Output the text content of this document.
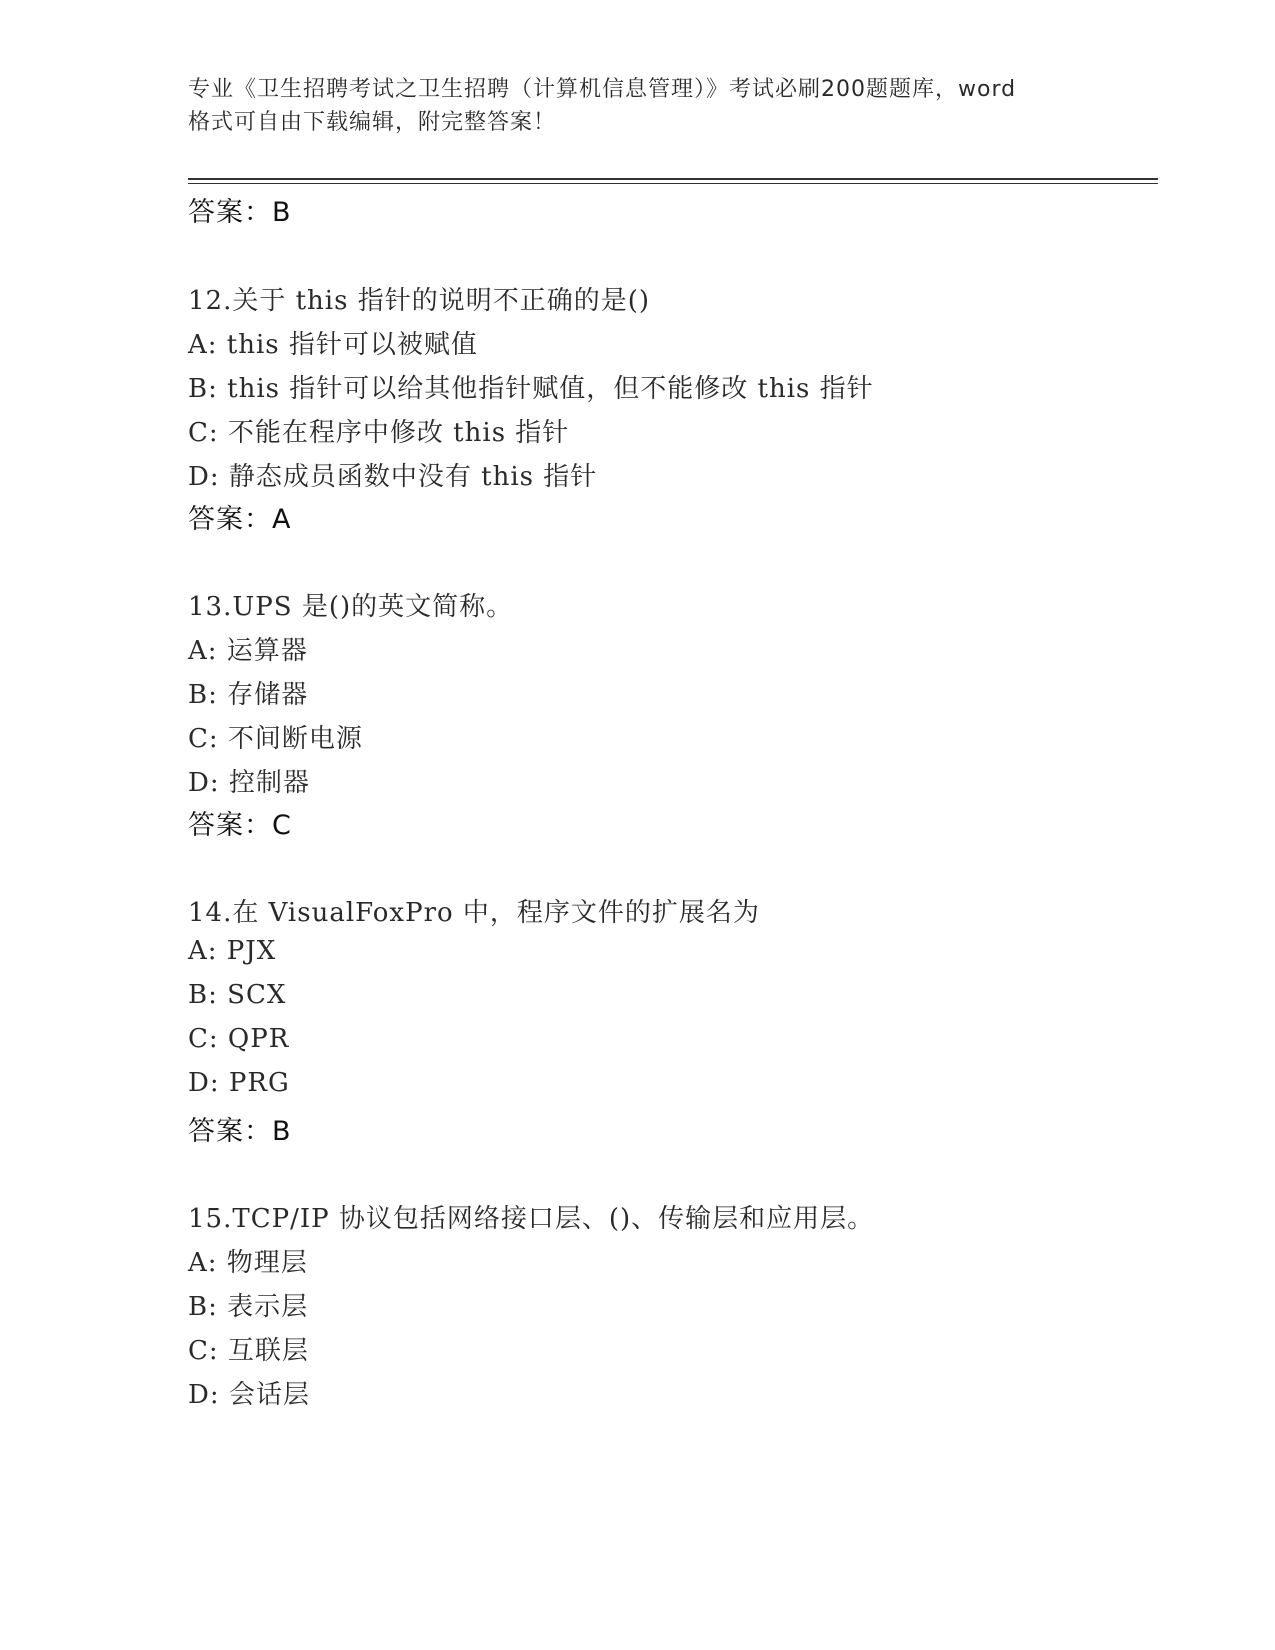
专业《卫生招聘考试之卫生招聘（计算机信息管理）》考试必刷200题题库，word
格式可自由下载编辑，附完整答案！
答案：B
12.关于 this 指针的说明不正确的是()
A: this 指针可以被赋值
B: this 指针可以给其他指针赋值，但不能修改 this 指针
C: 不能在程序中修改 this 指针
D: 静态成员函数中没有 this 指针
答案：A
13.UPS 是()的英文简称。
A: 运算器
B: 存储器
C: 不间断电源
D: 控制器
答案：C
14.在 VisualFoxPro 中，程序文件的扩展名为
A: PJX
B: SCX
C: QPR
D: PRG
答案：B
15.TCP/IP 协议包括网络接口层、()、传输层和应用层。
A: 物理层
B: 表示层
C: 互联层
D: 会话层
